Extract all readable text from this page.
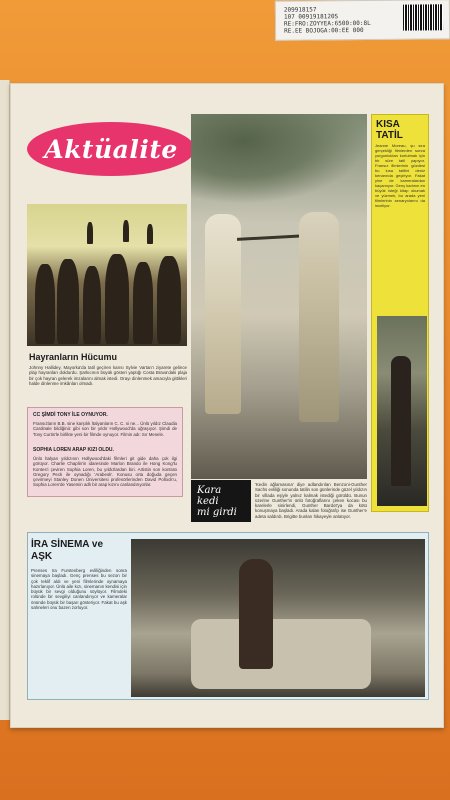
209918157
107 0091918120S
RE:FRO:ZOYYEA:6500:00:8L
RE.EE BOJOGA:00:EE 000
Aktüalite
Hayranların Hücumu
Johnny Hallidey, Mayorka'da tatil geçiren karısı Sylvie Vartan'ı ziyarete gelince plajı hayranları doldurdu. Şarkıcının büyük gösteri yaptığı Costa Brava'daki plaja bir çok hayran gelerek imzalarını almak istedi. Orayı dinlenmek amacıyla gittikleri halde dinlenme imkânları olmadı.
CC ŞİMDİ TONY İLE OYNUYOR.
Fransızların B.B. sine karşılık İtalyanların C. C. si ne... Ünlü yıldız Claudia Cardinale bildiğiniz gibi son bir yıldır Hollywood'da uğraşıyor. Şimdi de Tony Curtis'le birlikte yeni bir filmde oynuyor. Filmin adı: Sır Mesele.
SOPHIA LOREN ARAP KIZI OLDU.
Ünlü İtalyan yıldızının Hollywood'daki filmleri git gide daha çok ilgi görüyor. Charlie Chaplin'in idaresinde Marlon Brando ile Hong Kong'lu Kontes'i çeviren Sophia Loren, bu yıldızlardan biri. Artistin son kontratı Gregory Peck ile oynadığı 'Arabesk'. Konusu orta doğuda geçen çevirmeyi Stanley Donen Üniversitesi profesörlerinden David Pollock'u, Sophia Loren'de Yasemin adlı bir arap kızını canlandırıyorlar.
Kara kedi
mi girdi
'Kedin ağlamasına' diye adlandırılan Benzoni-Gunther Sachs evliliği sonunda tatilin son günlerinde güzel yıldızın bir villada eşiyle yalnız kalmak istediği görüldü. Bunun üzerine Gunther'in ünlü fotoğraflarını çeken kocası bu karelerle sinirlendi, Gunther Bardot'ya da kötü konuşmaya başladı. Arada kalan fotoğrafçı ise Gunther'e adeta saldırdı. Brigitte bunları hikayeyle anlatıyor.
KISA
TATİL
Jeanne Moreau, şu sıra gerçekliği filmlerden sonra yorgunluktan kurtulmak için bir süre tatil yapıyor. Fransız filmlerinin gözdesi bu kısa tatilini deniz kenarında geçiriyor. Fakat yine de kameralardan kaçamıyor. Genç kadının en büyük isteği kitap okumak ve yüzmek, bu arada yeni filmlerinin senaryolarını da inceliyor.
İRA SİNEMA ve
AŞK
Prenses Ira Furstenberg evliliğinden sonra sinemaya başladı. Genç prenses bu sezon bir çok teklif aldı ve yeni filmlerinde oynamaya hazırlanıyor. Ünlü aile kızı, sinemanın kendisi için büyük bir sevgi olduğunu söylüyor. Filmdeki rolünde bir sevgiliyi canlandırıyor ve kameralar önünde büyük bir başarı gösteriyor. Fakat bu aşk sahneleri onu bazen zorluyor.
